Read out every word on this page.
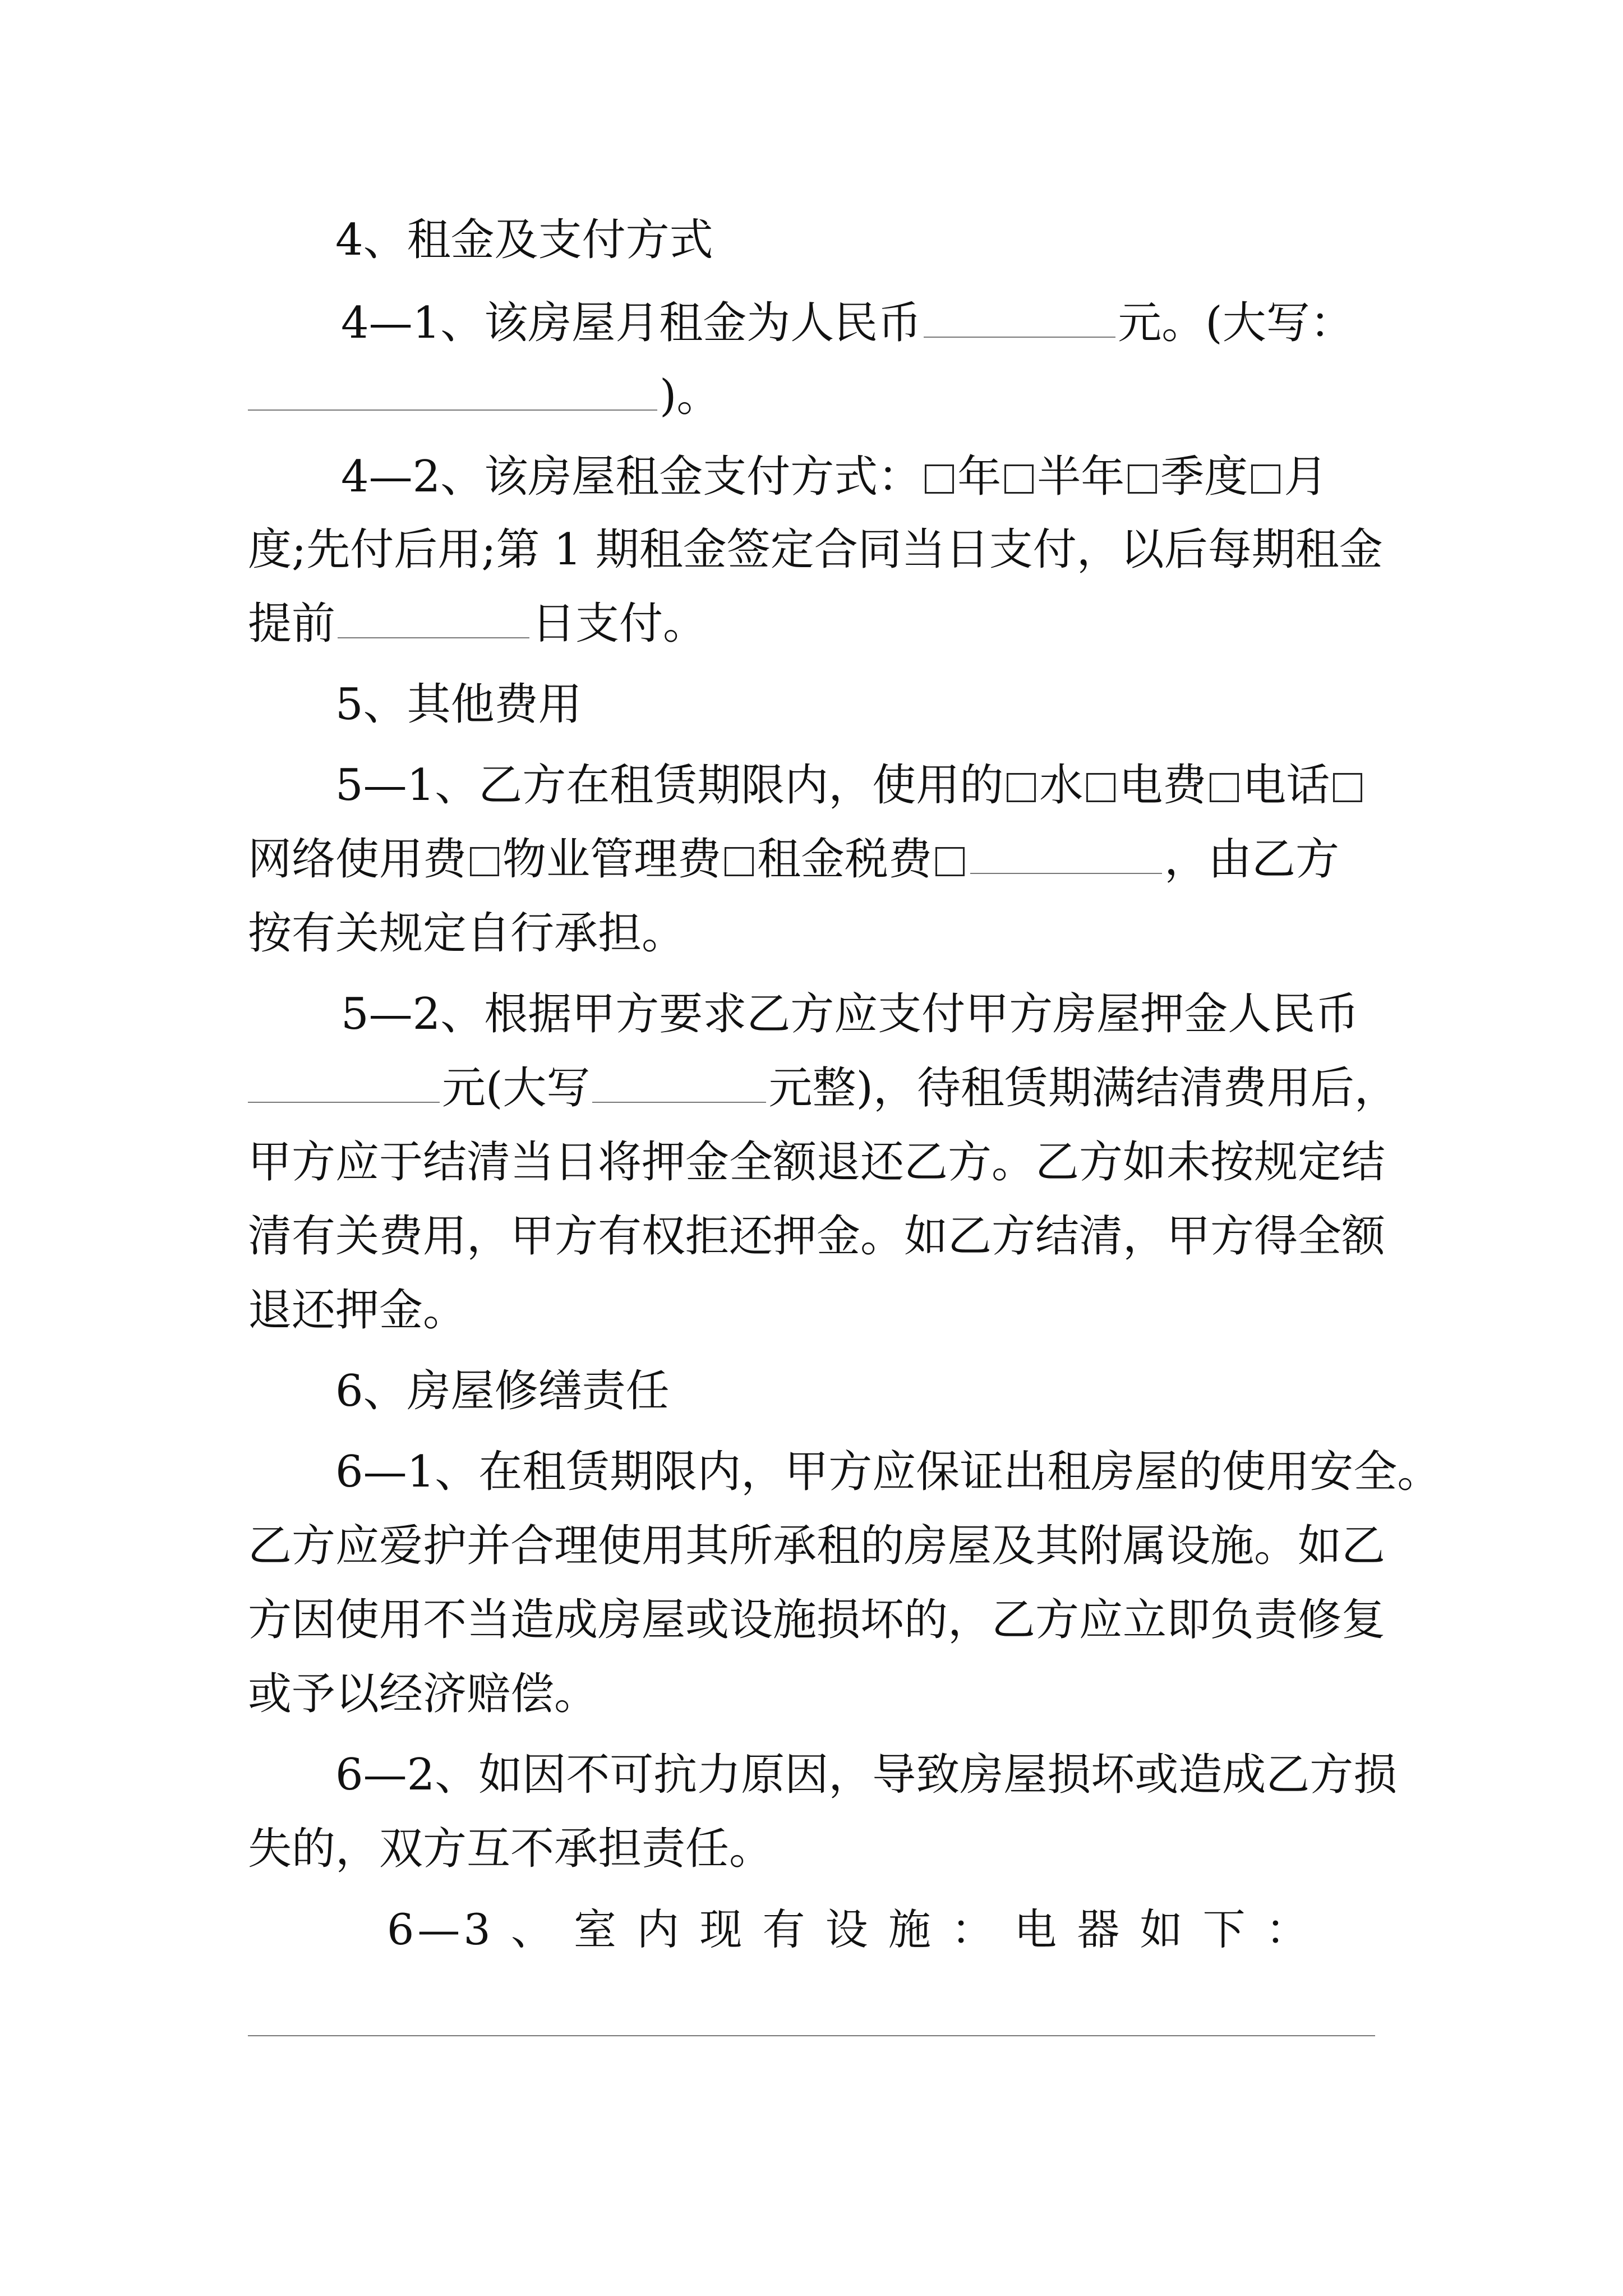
4、租金及支付方式
4—1、该房屋月租金为人民币	元。(大写：
)。
4—2、该房屋租金支付方式： 年 半年 季度 月
度;先付后用;第 1 期租金签定合同当日支付，以后每期租金
提前	日支付。
5、其他费用
5—1、乙方在租赁期限内，使用的 水 电费 电话
网络使用费 物业管理费 租金税费	，由乙方
按有关规定自行承担。
5—2、根据甲方要求乙方应支付甲方房屋押金人民币
元(大写	元整)，待租赁期满结清费用后，
甲方应于结清当日将押金全额退还乙方。乙方如未按规定结
清有关费用，甲方有权拒还押金。如乙方结清，甲方得全额
退还押金。
6、房屋修缮责任
6—1、在租赁期限内，甲方应保证出租房屋的使用安全。
乙方应爱护并合理使用其所承租的房屋及其附属设施。如乙
方因使用不当造成房屋或设施损坏的，乙方应立即负责修复
或予以经济赔偿。
6—2、如因不可抗力原因，导致房屋损坏或造成乙方损
失的，双方互不承担责任。
6—3 、 室 内 现 有 设 施 ： 电 器 如 下 ：
